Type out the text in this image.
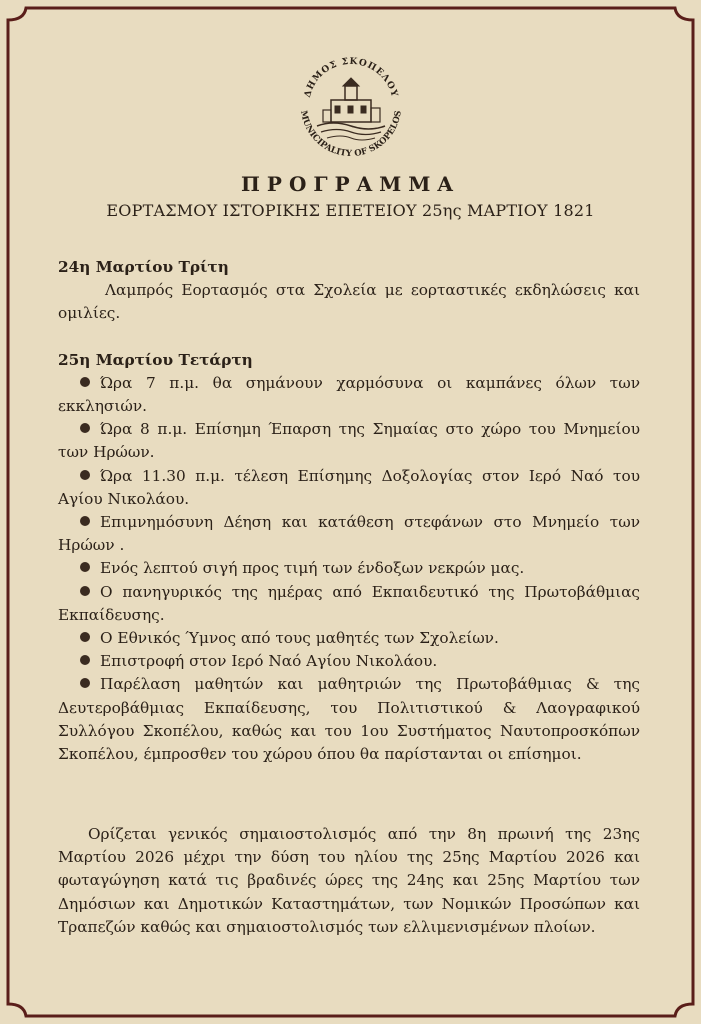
ΔΗΜΟΣ ΣΚΟΠΕΛΟΥ
MUNICIPALITY OF SKOPELOS
ΠΡΟΓΡΑΜΜΑ
ΕΟΡΤΑΣΜΟΥ ΙΣΤΟΡΙΚΗΣ ΕΠΕΤΕΙΟΥ 25ης ΜΑΡΤΙΟΥ 1821

24η Μαρτίου Τρίτη

Λαμπρός Εορτασμός στα Σχολεία με εορταστικές εκδηλώσεις και ομιλίες.

25η Μαρτίου Τετάρτη

Ώρα 7 π.μ. θα σημάνουν χαρμόσυνα οι καμπάνες όλων των εκκλησιών.

Ώρα 8 π.μ. Επίσημη Έπαρση της Σημαίας στο χώρο του Μνημείου των Ηρώων.

Ώρα 11.30 π.μ. τέλεση Επίσημης Δοξολογίας στον Ιερό Ναό του Αγίου Νικολάου.

Επιμνημόσυνη Δέηση και κατάθεση στεφάνων στο Μνημείο των Ηρώων .

Ενός λεπτού σιγή προς τιμή των ένδοξων νεκρών μας.

Ο πανηγυρικός της ημέρας από Εκπαιδευτικό της Πρωτοβάθμιας Εκπαίδευσης.

Ο Εθνικός Ύμνος από τους μαθητές των Σχολείων.

Επιστροφή στον Ιερό Ναό Αγίου Νικολάου.

Παρέλαση μαθητών και μαθητριών της Πρωτοβάθμιας & της Δευτεροβάθμιας Εκπαίδευσης, του Πολιτιστικού & Λαογραφικού Συλλόγου Σκοπέλου, καθώς και του 1ου Συστήματος Ναυτοπροσκόπων Σκοπέλου, έμπροσθεν του χώρου όπου θα παρίστανται οι επίσημοι.

Ορίζεται γενικός σημαιοστολισμός από την 8η πρωινή της 23ης Μαρτίου 2026 μέχρι την δύση του ηλίου της 25ης Μαρτίου 2026 και φωταγώγηση κατά τις βραδινές ώρες της 24ης και 25ης Μαρτίου των Δημόσιων και Δημοτικών Καταστημάτων, των Νομικών Προσώπων και Τραπεζών καθώς και σημαιοστολισμός των ελλιμενισμένων πλοίων.
